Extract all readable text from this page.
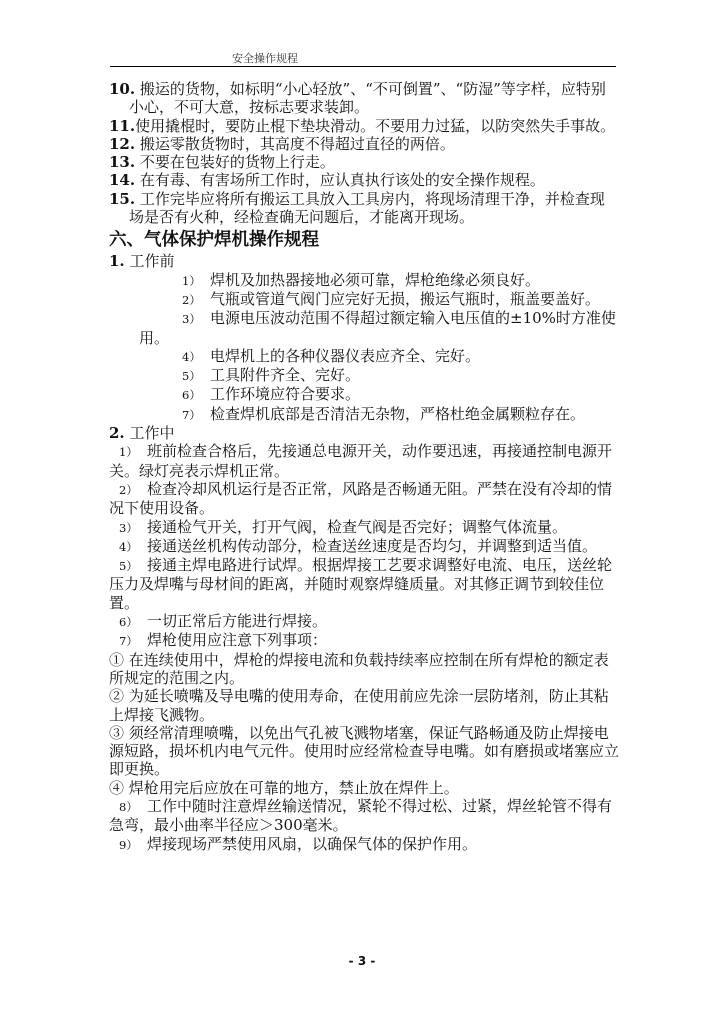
安全操作规程

10. 搬运的货物，如标明“小心轻放”、“不可倒置”、“防湿”等字样，应特别小心，不可大意，按标志要求装卸。

11.使用撬棍时，要防止棍下垫块滑动。不要用力过猛，以防突然失手事故。

12. 搬运零散货物时，其高度不得超过直径的两倍。

13. 不要在包装好的货物上行走。

14. 在有毒、有害场所工作时，应认真执行该处的安全操作规程。

15. 工作完毕应将所有搬运工具放入工具房内，将现场清理干净，并检查现场是否有火种，经检查确无问题后，才能离开现场。

六、气体保护焊机操作规程

1. 工作前

1） 焊机及加热器接地必须可靠，焊枪绝缘必须良好。

2） 气瓶或管道气阀门应完好无损，搬运气瓶时，瓶盖要盖好。

3） 电源电压波动范围不得超过额定输入电压值的±10%时方准使用。

4） 电焊机上的各种仪器仪表应齐全、完好。

5） 工具附件齐全、完好。

6） 工作环境应符合要求。

7） 检查焊机底部是否清洁无杂物，严格杜绝金属颗粒存在。

2. 工作中

1） 班前检查合格后，先接通总电源开关，动作要迅速，再接通控制电源开关。绿灯亮表示焊机正常。

2） 检查冷却风机运行是否正常，风路是否畅通无阻。严禁在没有冷却的情况下使用设备。

3） 接通检气开关，打开气阀，检查气阀是否完好；调整气体流量。

4） 接通送丝机构传动部分，检查送丝速度是否均匀，并调整到适当值。

5） 接通主焊电路进行试焊。根据焊接工艺要求调整好电流、电压，送丝轮压力及焊嘴与母材间的距离，并随时观察焊缝质量。对其修正调节到较佳位置。

6） 一切正常后方能进行焊接。

7） 焊枪使用应注意下列事项：

① 在连续使用中，焊枪的焊接电流和负载持续率应控制在所有焊枪的额定表所规定的范围之内。

② 为延长喷嘴及导电嘴的使用寿命，在使用前应先涂一层防堵剂，防止其粘上焊接飞溅物。

③ 须经常清理喷嘴，以免出气孔被飞溅物堵塞，保证气路畅通及防止焊接电源短路，损坏机内电气元件。使用时应经常检查导电嘴。如有磨损或堵塞应立即更换。

④ 焊枪用完后应放在可靠的地方，禁止放在焊件上。

8） 工作中随时注意焊丝输送情况，紧轮不得过松、过紧，焊丝轮管不得有急弯，最小曲率半径应＞300毫米。

9） 焊接现场严禁使用风扇，以确保气体的保护作用。

- 3 -
